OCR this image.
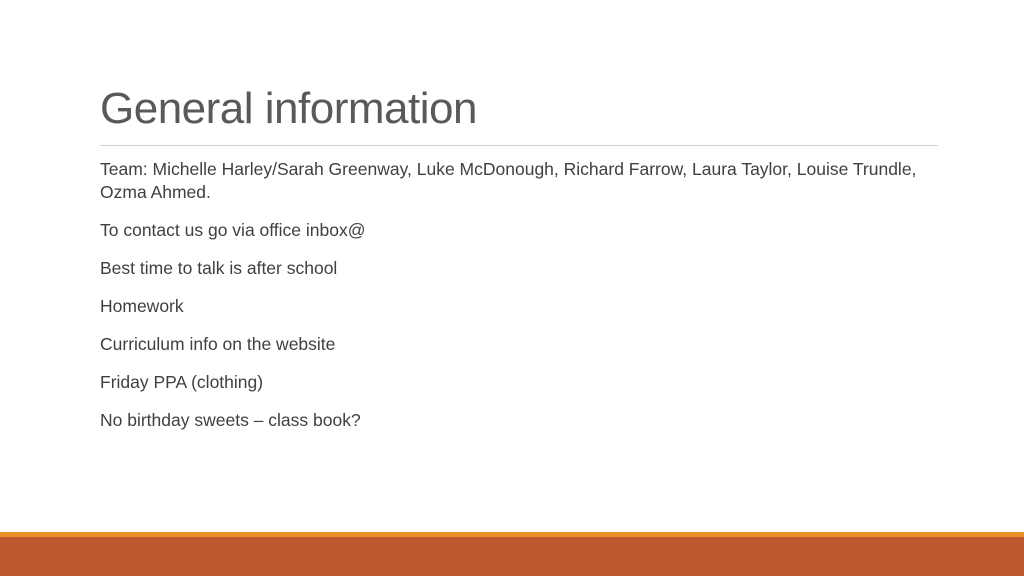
General information
Team: Michelle Harley/Sarah Greenway, Luke McDonough, Richard Farrow, Laura Taylor, Louise Trundle, Ozma Ahmed.
To contact us go via office inbox@
Best time to talk is after school
Homework
Curriculum info on the website
Friday PPA (clothing)
No birthday sweets – class book?
